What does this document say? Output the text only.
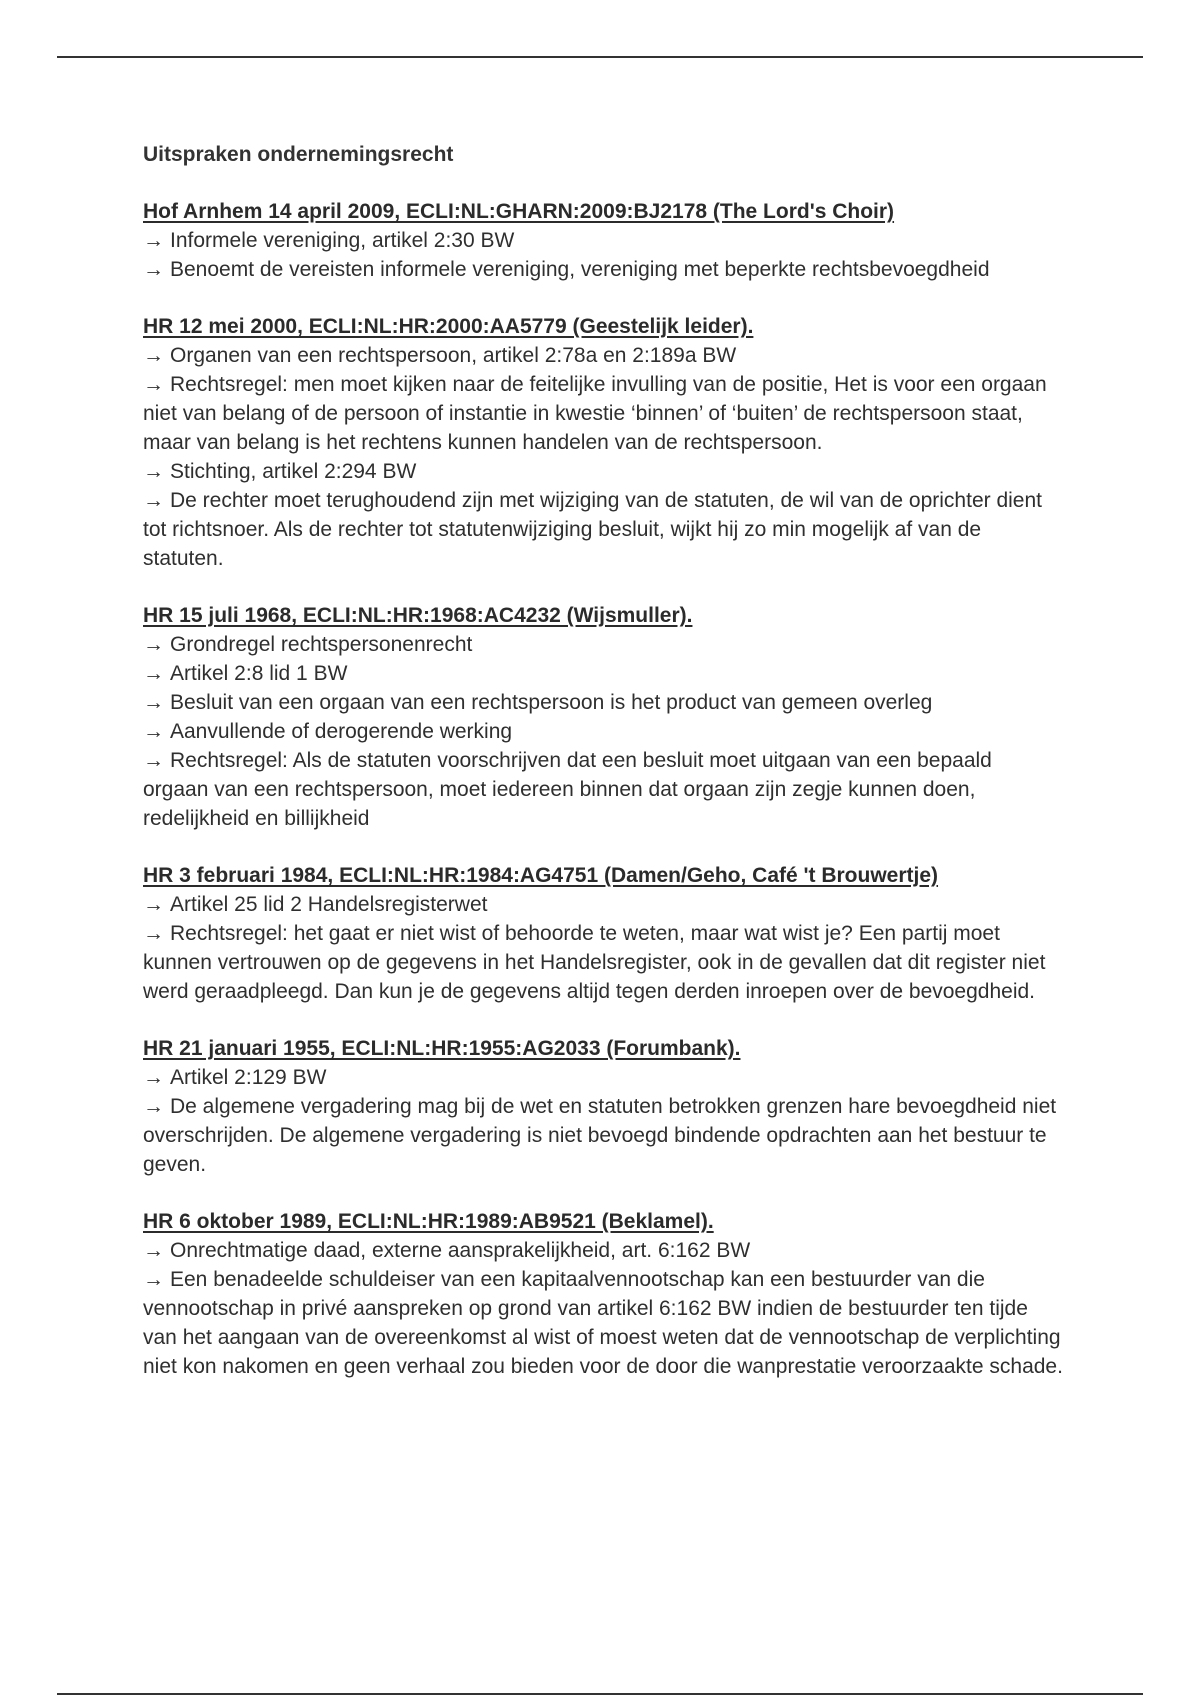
Uitspraken ondernemingsrecht
Hof Arnhem 14 april 2009, ECLI:NL:GHARN:2009:BJ2178 (The Lord's Choir)
→ Informele vereniging, artikel 2:30 BW
→ Benoemt de vereisten informele vereniging, vereniging met beperkte rechtsbevoegdheid
HR 12 mei 2000, ECLI:NL:HR:2000:AA5779 (Geestelijk leider).
→ Organen van een rechtspersoon, artikel 2:78a en 2:189a BW
→ Rechtsregel: men moet kijken naar de feitelijke invulling van de positie, Het is voor een orgaan niet van belang of de persoon of instantie in kwestie ‘binnen’ of ‘buiten’ de rechtspersoon staat, maar van belang is het rechtens kunnen handelen van de rechtspersoon.
→ Stichting, artikel 2:294 BW
→ De rechter moet terughoudend zijn met wijziging van de statuten, de wil van de oprichter dient tot richtsnoer. Als de rechter tot statutenwijziging besluit, wijkt hij zo min mogelijk af van de statuten.
HR 15 juli 1968, ECLI:NL:HR:1968:AC4232 (Wijsmuller).
→ Grondregel rechtspersonenrecht
→ Artikel 2:8 lid 1 BW
→ Besluit van een orgaan van een rechtspersoon is het product van gemeen overleg
→ Aanvullende of derogerende werking
→ Rechtsregel: Als de statuten voorschrijven dat een besluit moet uitgaan van een bepaald orgaan van een rechtspersoon, moet iedereen binnen dat orgaan zijn zegje kunnen doen, redelijkheid en billijkheid
HR 3 februari 1984, ECLI:NL:HR:1984:AG4751 (Damen/Geho, Café 't Brouwertje)
→ Artikel 25 lid 2 Handelsregisterwet
→ Rechtsregel: het gaat er niet wist of behoorde te weten, maar wat wist je? Een partij moet kunnen vertrouwen op de gegevens in het Handelsregister, ook in de gevallen dat dit register niet werd geraadpleegd. Dan kun je de gegevens altijd tegen derden inroepen over de bevoegdheid.
HR 21 januari 1955, ECLI:NL:HR:1955:AG2033 (Forumbank).
→ Artikel 2:129 BW
→ De algemene vergadering mag bij de wet en statuten betrokken grenzen hare bevoegdheid niet overschrijden. De algemene vergadering is niet bevoegd bindende opdrachten aan het bestuur te geven.
HR 6 oktober 1989, ECLI:NL:HR:1989:AB9521 (Beklamel).
→ Onrechtmatige daad, externe aansprakelijkheid, art. 6:162 BW
→ Een benadeelde schuldeiser van een kapitaalvennootschap kan een bestuurder van die vennootschap in privé aanspreken op grond van artikel 6:162 BW indien de bestuurder ten tijde van het aangaan van de overeenkomst al wist of moest weten dat de vennootschap de verplichting niet kon nakomen en geen verhaal zou bieden voor de door die wanprestatie veroorzaakte schade.
